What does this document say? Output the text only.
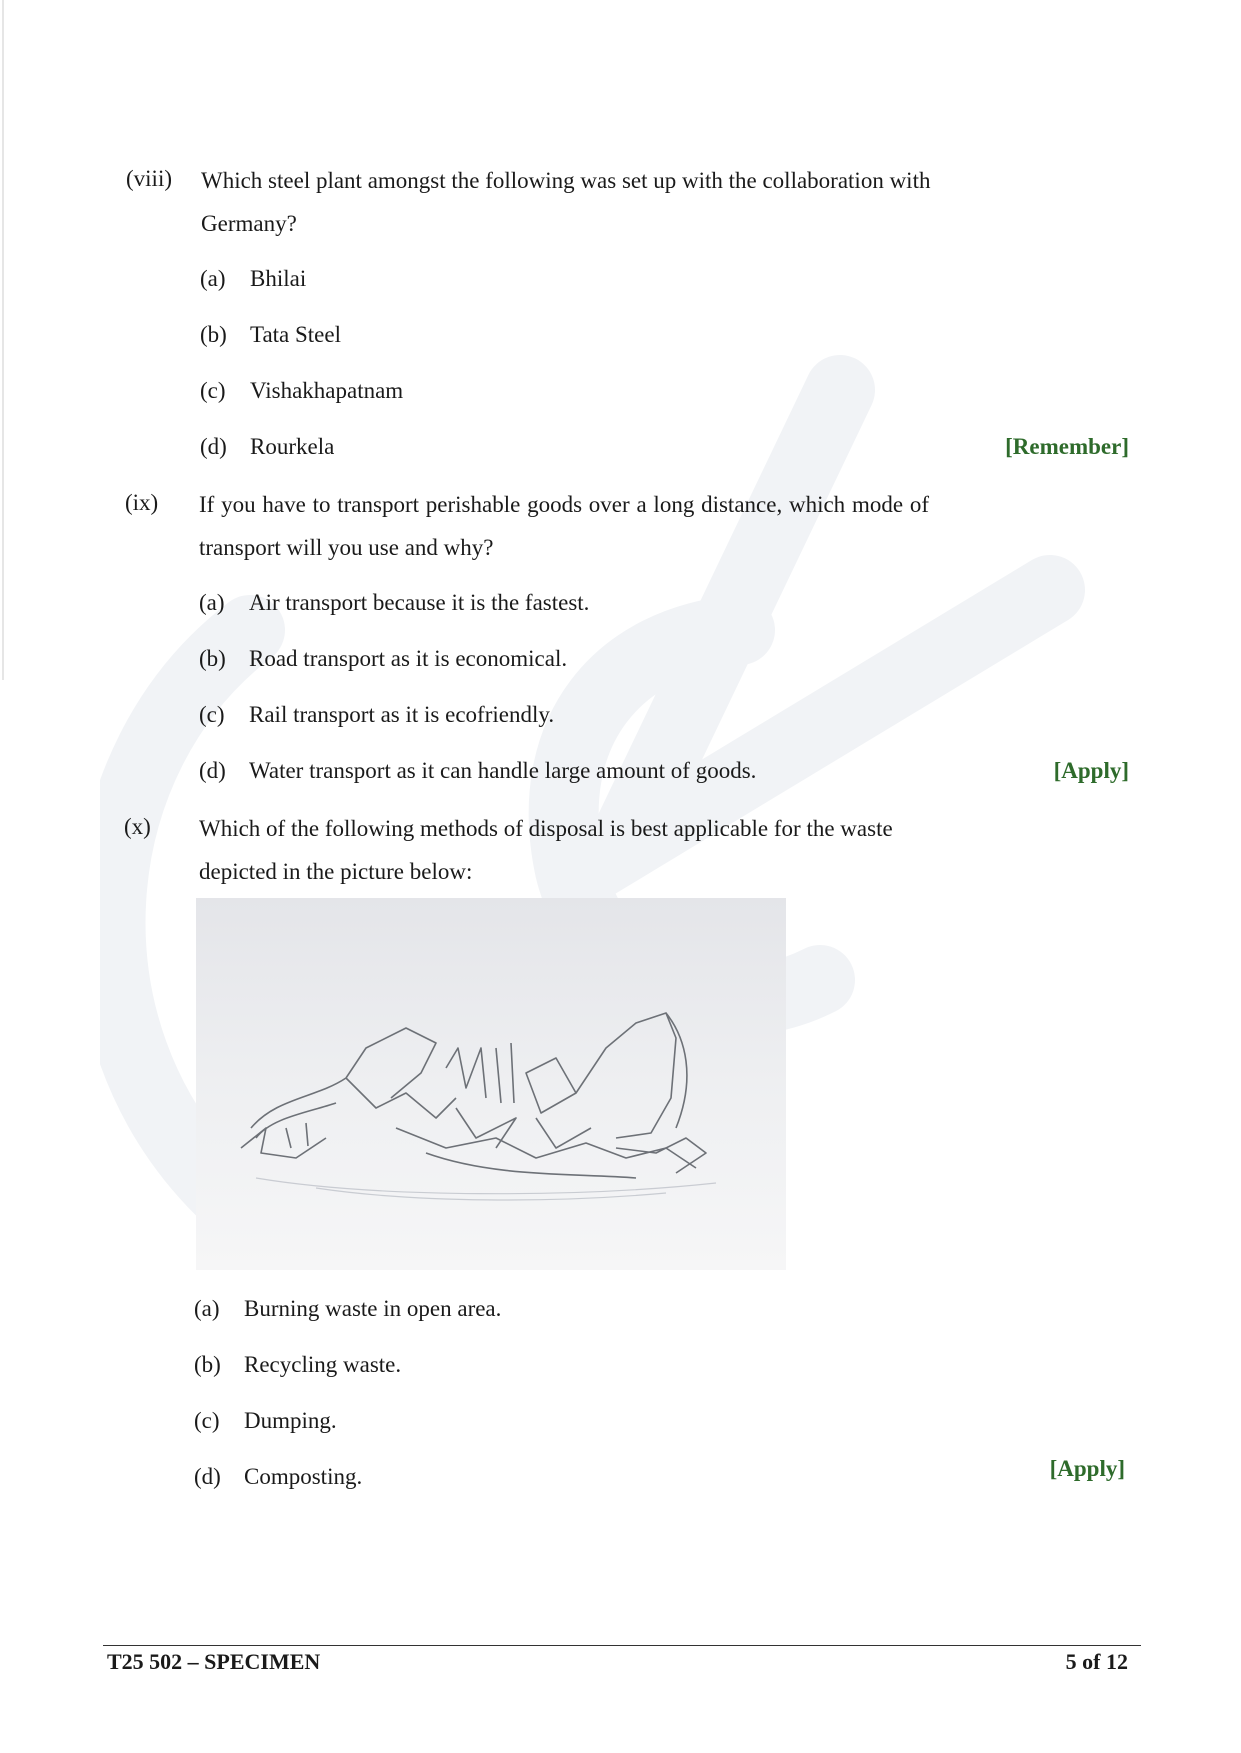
(viii) Which steel plant amongst the following was set up with the collaboration with Germany?
(a) Bhilai
(b) Tata Steel
(c) Vishakhapatnam
(d) Rourkela	[Remember]
(ix) If you have to transport perishable goods over a long distance, which mode of transport will you use and why?
(a) Air transport because it is the fastest.
(b) Road transport as it is economical.
(c) Rail transport as it is ecofriendly.
(d) Water transport as it can handle large amount of goods.	[Apply]
(x) Which of the following methods of disposal is best applicable for the waste depicted in the picture below:
(a) Burning waste in open area.
(b) Recycling waste.
(c) Dumping.
(d) Composting.	[Apply]
T25 502 – SPECIMEN	5 of 12
